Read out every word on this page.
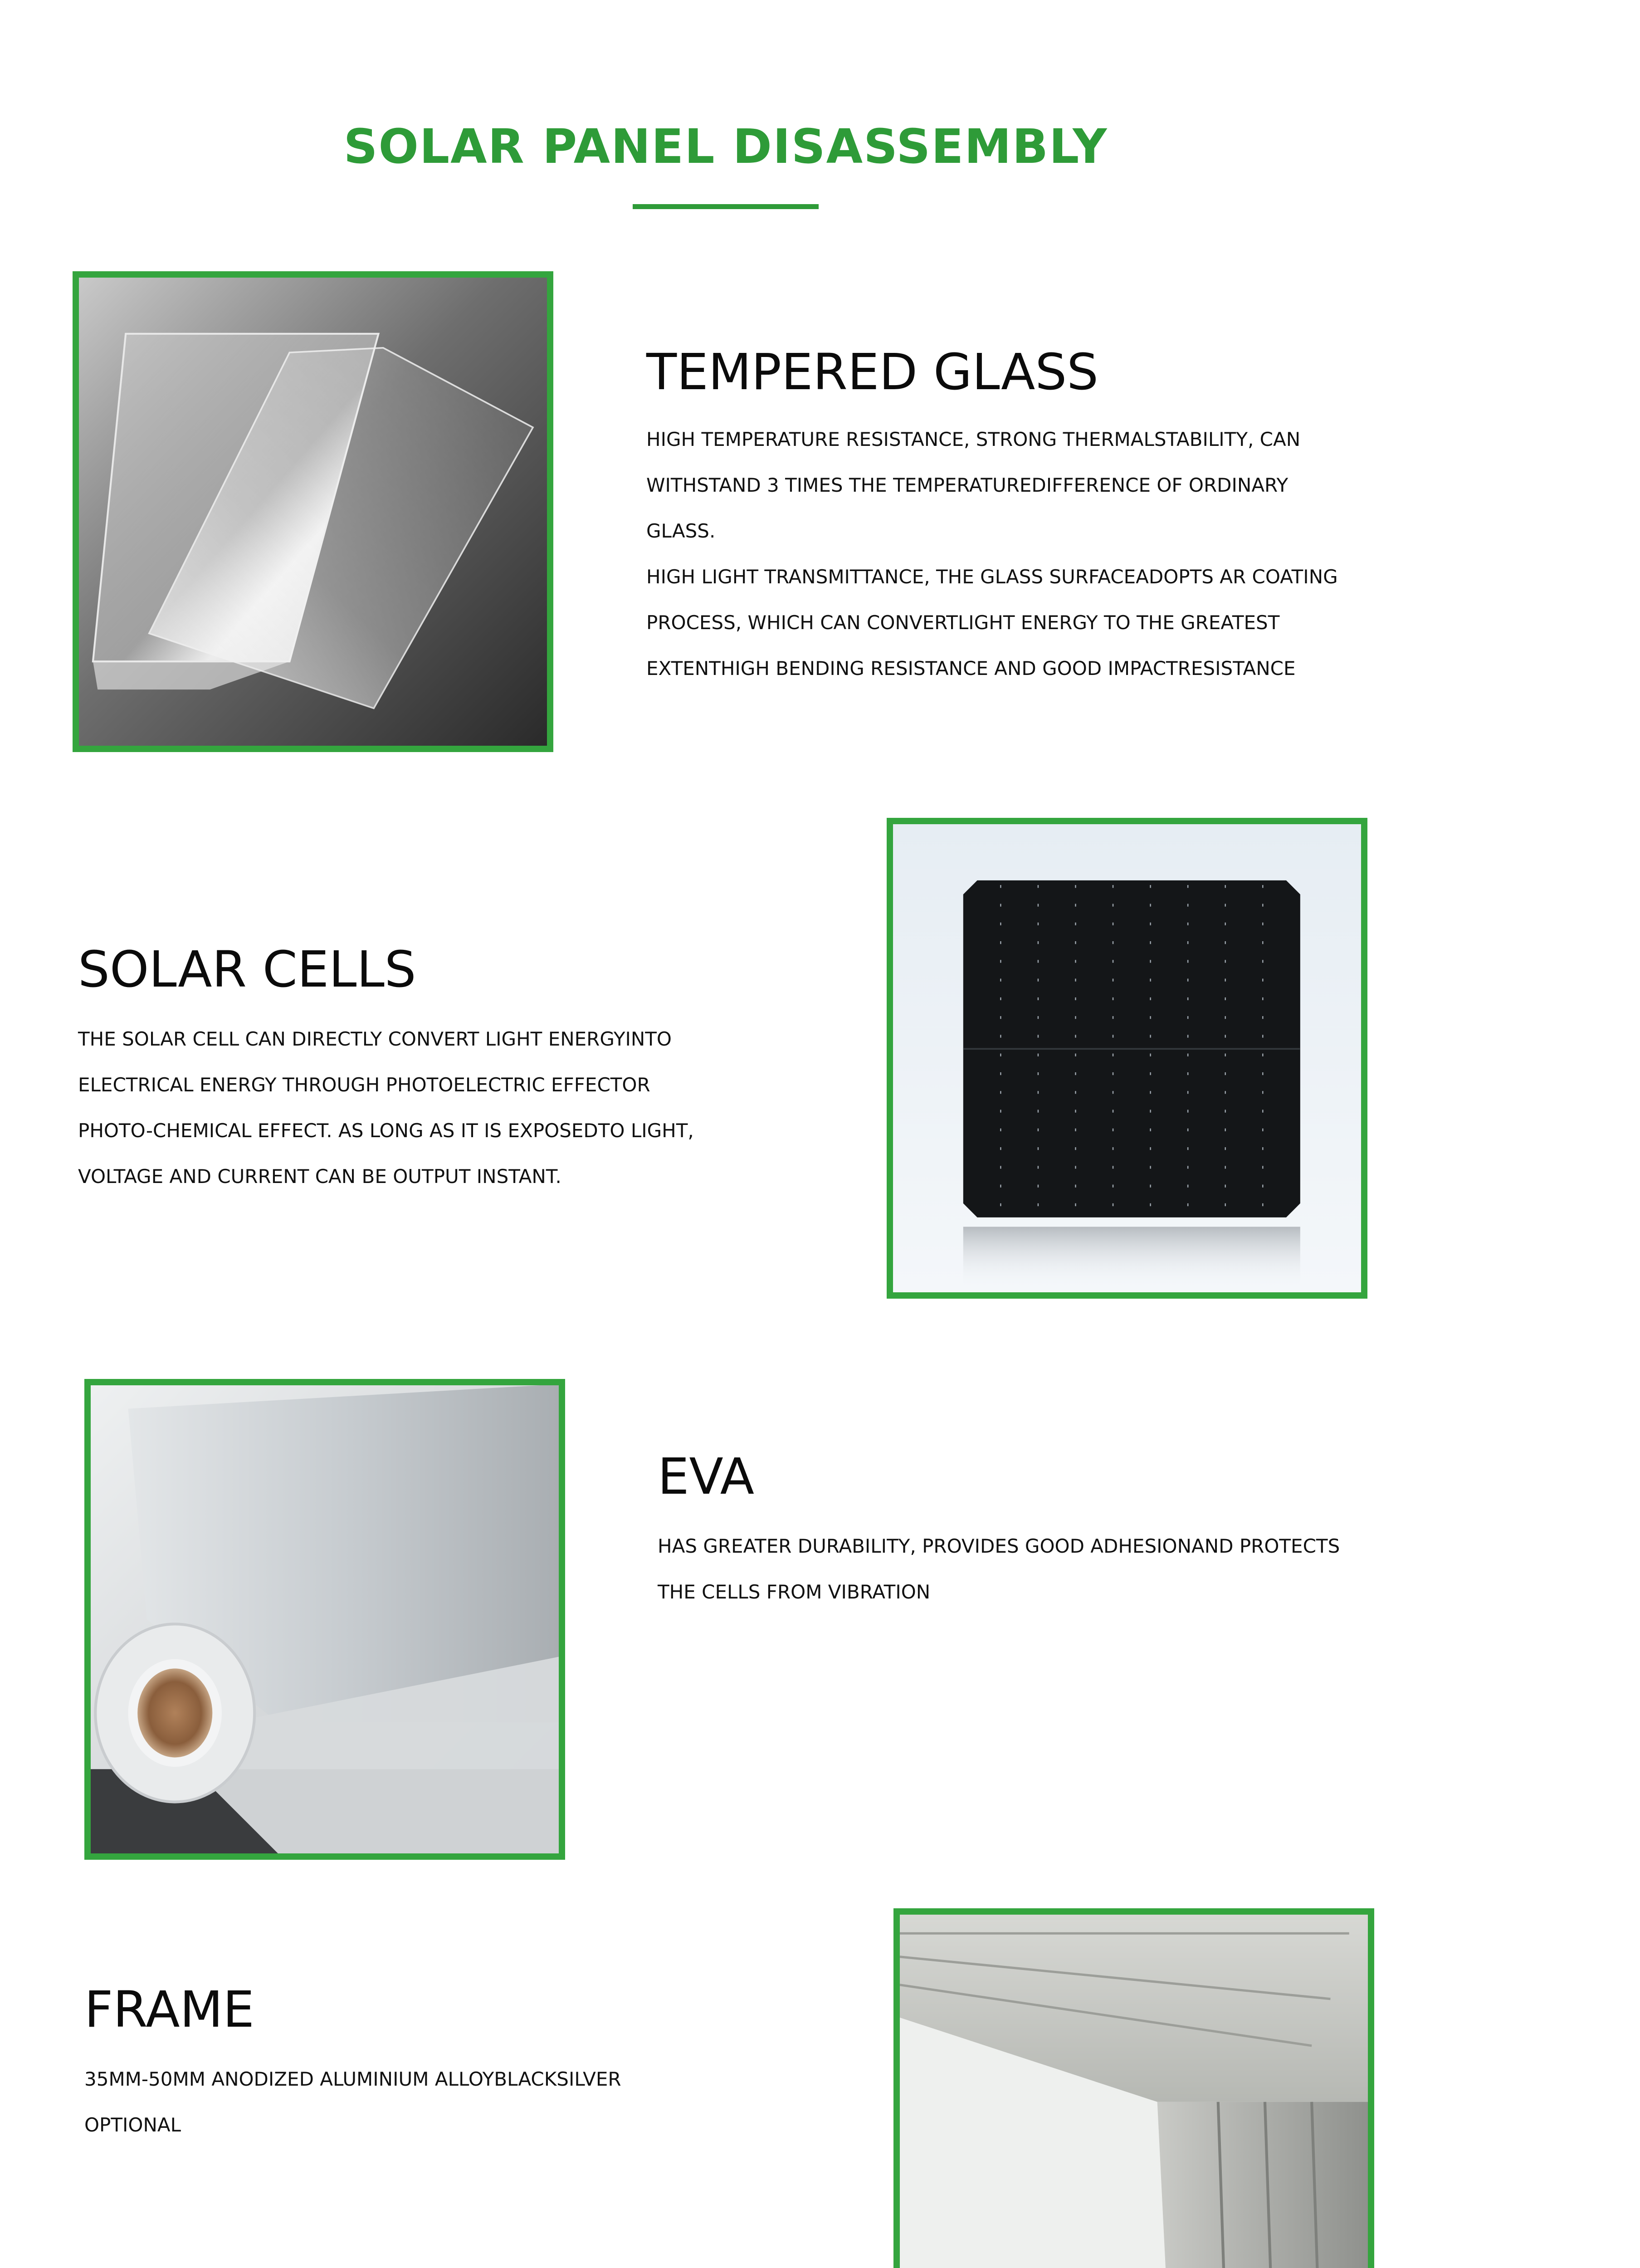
SOLAR PANEL DISASSEMBLY
TEMPERED GLASS

HIGH TEMPERATURE RESISTANCE, STRONG THERMALSTABILITY, CAN
WITHSTAND 3 TIMES THE TEMPERATUREDIFFERENCE OF ORDINARY
GLASS.
HIGH LIGHT TRANSMITTANCE, THE GLASS SURFACEADOPTS AR COATING
PROCESS, WHICH CAN CONVERTLIGHT ENERGY TO THE GREATEST
EXTENTHIGH BENDING RESISTANCE AND GOOD IMPACTRESISTANCE

SOLAR CELLS

THE SOLAR CELL CAN DIRECTLY CONVERT LIGHT ENERGYINTO
ELECTRICAL ENERGY THROUGH PHOTOELECTRIC EFFECTOR
PHOTO-CHEMICAL EFFECT. AS LONG AS IT IS EXPOSEDTO LIGHT,
VOLTAGE AND CURRENT CAN BE OUTPUT INSTANT.

EVA

HAS GREATER DURABILITY, PROVIDES GOOD ADHESIONAND PROTECTS
THE CELLS FROM VIBRATION

FRAME

35MM-50MM ANODIZED ALUMINIUM ALLOYBLACKSILVER
OPTIONAL
